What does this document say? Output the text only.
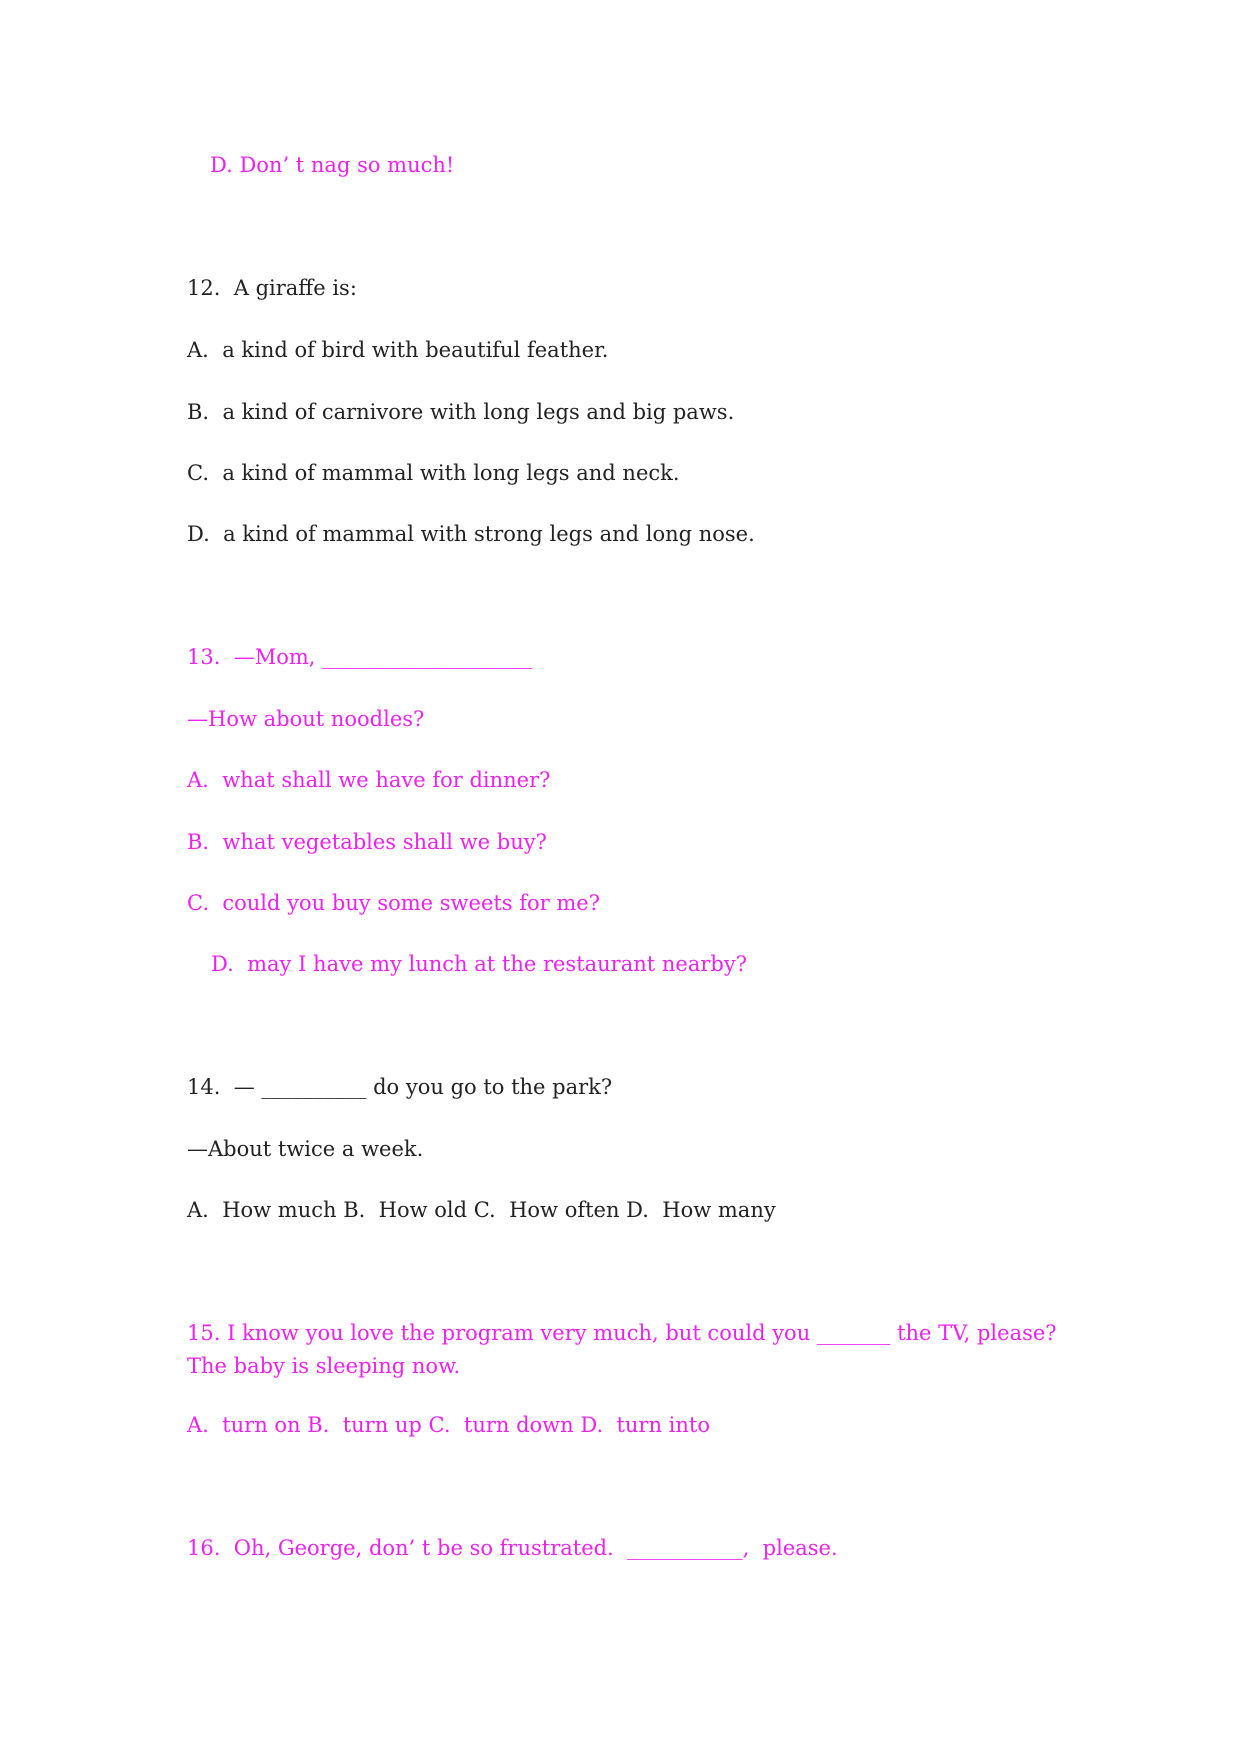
D. Don’ t nag so much!

12.  A giraffe is:

A.  a kind of bird with beautiful feather.

B.  a kind of carnivore with long legs and big paws.

C.  a kind of mammal with long legs and neck.

D.  a kind of mammal with strong legs and long nose.

13.  —Mom, ____________________

—How about noodles?

A.  what shall we have for dinner?

B.  what vegetables shall we buy?

C.  could you buy some sweets for me?

D.  may I have my lunch at the restaurant nearby?

14.  — __________ do you go to the park?

—About twice a week.

A.  How much B.  How old C.  How often D.  How many

15. I know you love the program very much, but could you _______ the TV, please? The baby is sleeping now.

A.  turn on B.  turn up C.  turn down D.  turn into

16.  Oh, George, don’ t be so frustrated.  ___________,  please.
